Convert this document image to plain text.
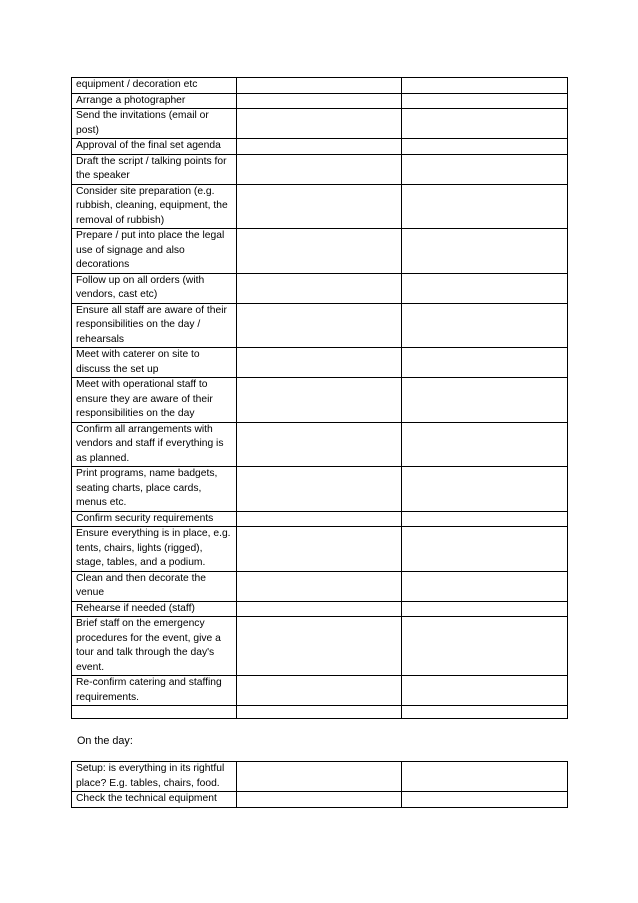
equipment / decoration etc		
Arrange a photographer		
Send the invitations (email or post)		
Approval of the final set agenda		
Draft the script / talking points for the speaker		
Consider site preparation (e.g. rubbish, cleaning, equipment, the removal of rubbish)		
Prepare / put into place the legal use of signage and also decorations		
Follow up on all orders (with vendors, cast etc)		
Ensure all staff are aware of their responsibilities on the day / rehearsals		
Meet with caterer on site to discuss the set up		
Meet with operational staff to ensure they are aware of their responsibilities on the day		
Confirm all arrangements with vendors and staff if everything is as planned.		
Print programs, name badgets, seating charts, place cards, menus etc.		
Confirm security requirements		
Ensure everything is in place, e.g. tents, chairs, lights (rigged), stage, tables, and a podium.		
Clean and then decorate the venue		
Rehearse if needed (staff)		
Brief staff on the emergency procedures for the event, give a tour and talk through the day's event.		
Re-confirm catering and staffing requirements.		

On the day:

Setup: is everything in its rightful place? E.g. tables, chairs, food.		
Check the technical equipment		
